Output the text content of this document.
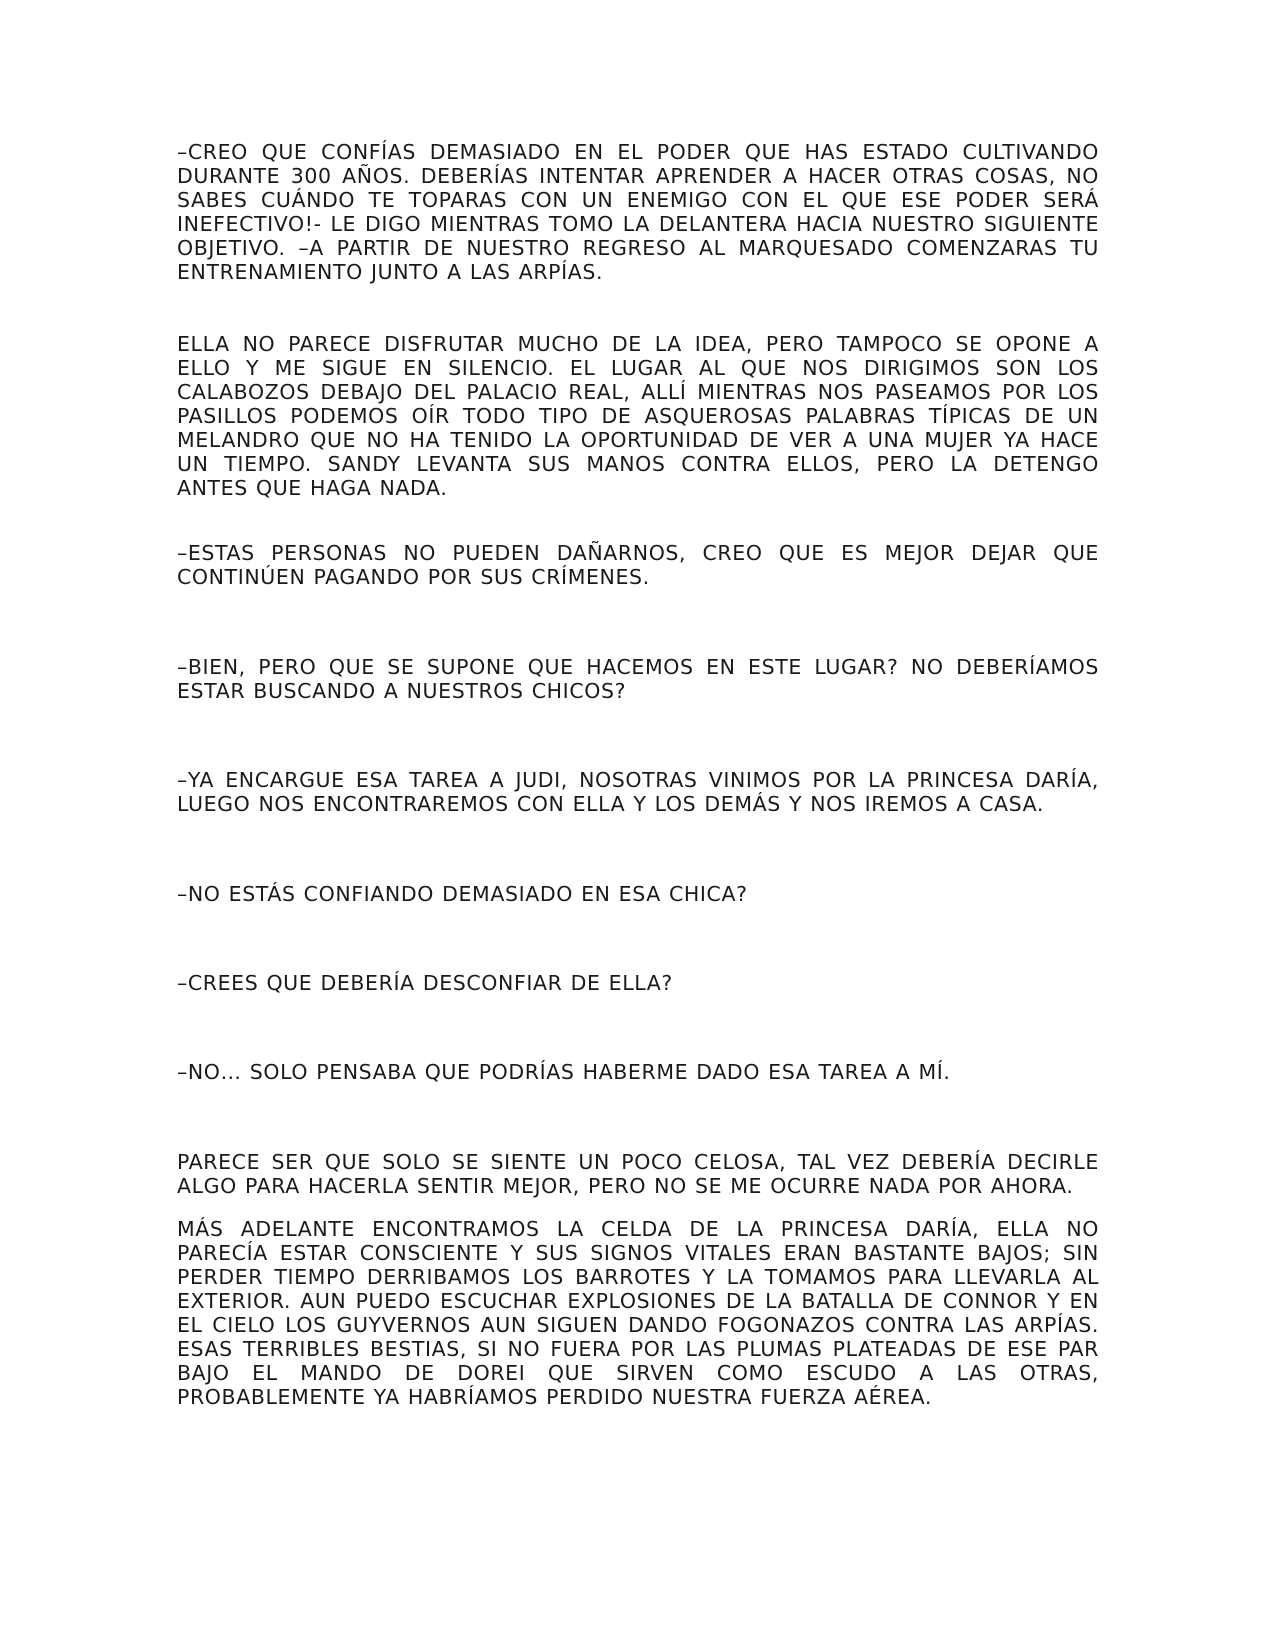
–CREO QUE CONFÍAS DEMASIADO EN EL PODER QUE HAS ESTADO CULTIVANDO DURANTE 300 AÑOS. DEBERÍAS INTENTAR APRENDER A HACER OTRAS COSAS, NO SABES CUÁNDO TE TOPARAS CON UN ENEMIGO CON EL QUE ESE PODER SERÁ INEFECTIVO!- LE DIGO MIENTRAS TOMO LA DELANTERA HACIA NUESTRO SIGUIENTE OBJETIVO. –A PARTIR DE NUESTRO REGRESO AL MARQUESADO COMENZARAS TU ENTRENAMIENTO JUNTO A LAS ARPÍAS.

ELLA NO PARECE DISFRUTAR MUCHO DE LA IDEA, PERO TAMPOCO SE OPONE A ELLO Y ME SIGUE EN SILENCIO. EL LUGAR AL QUE NOS DIRIGIMOS SON LOS CALABOZOS DEBAJO DEL PALACIO REAL, ALLÍ MIENTRAS NOS PASEAMOS POR LOS PASILLOS PODEMOS OÍR TODO TIPO DE ASQUEROSAS PALABRAS TÍPICAS DE UN MELANDRO QUE NO HA TENIDO LA OPORTUNIDAD DE VER A UNA MUJER YA HACE UN TIEMPO. SANDY LEVANTA SUS MANOS CONTRA ELLOS, PERO LA DETENGO ANTES QUE HAGA NADA.

–ESTAS PERSONAS NO PUEDEN DAÑARNOS, CREO QUE ES MEJOR DEJAR QUE CONTINÚEN PAGANDO POR SUS CRÍMENES.

–BIEN, PERO QUE SE SUPONE QUE HACEMOS EN ESTE LUGAR? NO DEBERÍAMOS ESTAR BUSCANDO A NUESTROS CHICOS?

–YA ENCARGUE ESA TAREA A JUDI, NOSOTRAS VINIMOS POR LA PRINCESA DARÍA, LUEGO NOS ENCONTRAREMOS CON ELLA Y LOS DEMÁS Y NOS IREMOS A CASA.

–NO ESTÁS CONFIANDO DEMASIADO EN ESA CHICA?

–CREES QUE DEBERÍA DESCONFIAR DE ELLA?

–NO… SOLO PENSABA QUE PODRÍAS HABERME DADO ESA TAREA A MÍ.

PARECE SER QUE SOLO SE SIENTE UN POCO CELOSA, TAL VEZ DEBERÍA DECIRLE ALGO PARA HACERLA SENTIR MEJOR, PERO NO SE ME OCURRE NADA POR AHORA.

MÁS ADELANTE ENCONTRAMOS LA CELDA DE LA PRINCESA DARÍA, ELLA NO PARECÍA ESTAR CONSCIENTE Y SUS SIGNOS VITALES ERAN BASTANTE BAJOS; SIN PERDER TIEMPO DERRIBAMOS LOS BARROTES Y LA TOMAMOS PARA LLEVARLA AL EXTERIOR. AUN PUEDO ESCUCHAR EXPLOSIONES DE LA BATALLA DE CONNOR Y EN EL CIELO LOS GUYVERNOS AUN SIGUEN DANDO FOGONAZOS CONTRA LAS ARPÍAS. ESAS TERRIBLES BESTIAS, SI NO FUERA POR LAS PLUMAS PLATEADAS DE ESE PAR BAJO EL MANDO DE DOREI QUE SIRVEN COMO ESCUDO A LAS OTRAS, PROBABLEMENTE YA HABRÍAMOS PERDIDO NUESTRA FUERZA AÉREA.
